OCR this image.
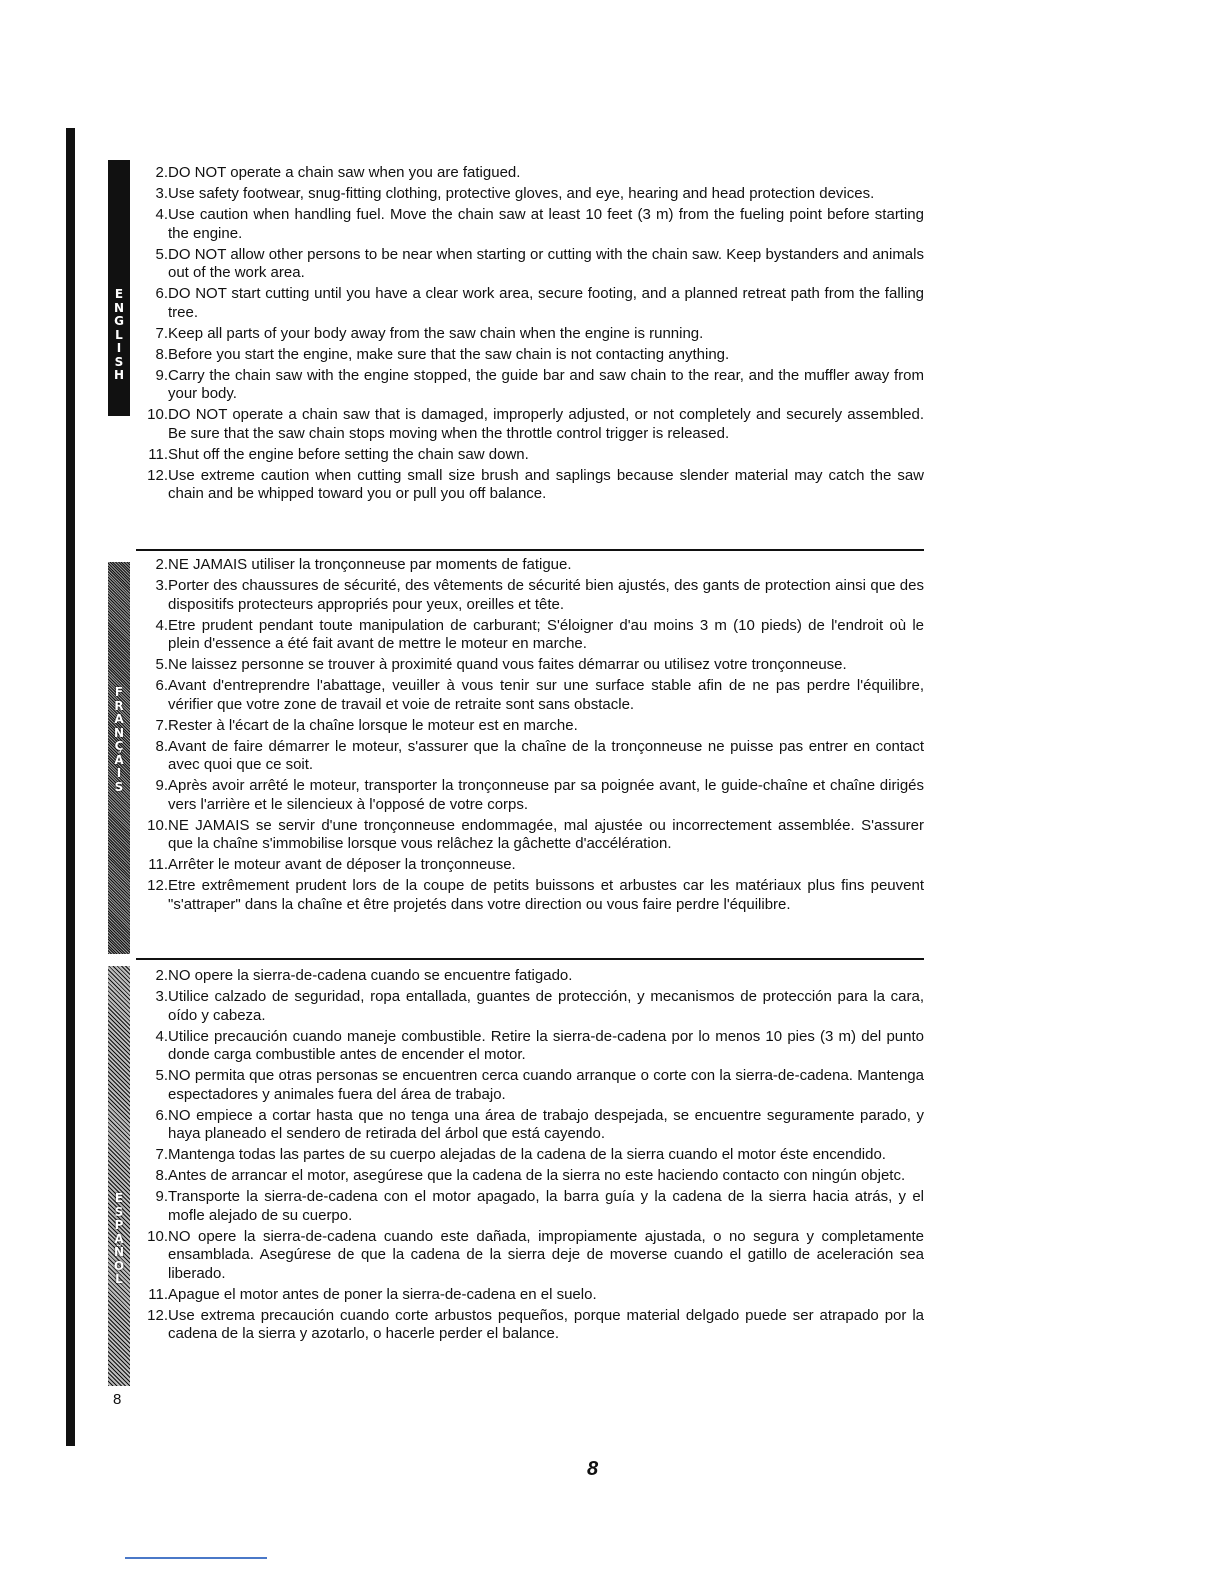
E
N
G
L
I
S
H
F
R
A
N
Ç
A
I
S
E
S
P
A
Ñ
O
L
2. DO NOT operate a chain saw when you are fatigued.
3. Use safety footwear, snug-fitting clothing, protective gloves, and eye, hearing and head protection devices.
4. Use caution when handling fuel. Move the chain saw at least 10 feet (3 m) from the fueling point before starting the engine.
5. DO NOT allow other persons to be near when starting or cutting with the chain saw. Keep bystanders and animals out of the work area.
6. DO NOT start cutting until you have a clear work area, secure footing, and a planned retreat path from the falling tree.
7. Keep all parts of your body away from the saw chain when the engine is running.
8. Before you start the engine, make sure that the saw chain is not contacting anything.
9. Carry the chain saw with the engine stopped, the guide bar and saw chain to the rear, and the muffler away from your body.
10. DO NOT operate a chain saw that is damaged, improperly adjusted, or not completely and securely assembled. Be sure that the saw chain stops moving when the throttle control trigger is released.
11. Shut off the engine before setting the chain saw down.
12. Use extreme caution when cutting small size brush and saplings because slender material may catch the saw chain and be whipped toward you or pull you off balance.
2. NE JAMAIS utiliser la tronçonneuse par moments de fatigue.
3. Porter des chaussures de sécurité, des vêtements de sécurité bien ajustés, des gants de protection ainsi que des dispositifs protecteurs appropriés pour yeux, oreilles et tête.
4. Etre prudent pendant toute manipulation de carburant; S'éloigner d'au moins 3 m (10 pieds) de l'endroit où le plein d'essence a été fait avant de mettre le moteur en marche.
5. Ne laissez personne se trouver à proximité quand vous faites démarrar ou utilisez votre tronçonneuse.
6. Avant d'entreprendre l'abattage, veuiller à vous tenir sur une surface stable afin de ne pas perdre l'équilibre, vérifier que votre zone de travail et voie de retraite sont sans obstacle.
7. Rester à l'écart de la chaîne lorsque le moteur est en marche.
8. Avant de faire démarrer le moteur, s'assurer que la chaîne de la tronçonneuse ne puisse pas entrer en contact avec quoi que ce soit.
9. Après avoir arrêté le moteur, transporter la tronçonneuse par sa poignée avant, le guide-chaîne et chaîne dirigés vers l'arrière et le silencieux à l'opposé de votre corps.
10. NE JAMAIS se servir d'une tronçonneuse endommagée, mal ajustée ou incorrectement assemblée. S'assurer que la chaîne s'immobilise lorsque vous relâchez la gâchette d'accélération.
11. Arrêter le moteur avant de déposer la tronçonneuse.
12. Etre extrêmement prudent lors de la coupe de petits buissons et arbustes car les matériaux plus fins peuvent "s'attraper" dans la chaîne et être projetés dans votre direction ou vous faire perdre l'équilibre.
2. NO opere la sierra-de-cadena cuando se encuentre fatigado.
3. Utilice calzado de seguridad, ropa entallada, guantes de protección, y mecanismos de protección para la cara, oído y cabeza.
4. Utilice precaución cuando maneje combustible. Retire la sierra-de-cadena por lo menos 10 pies (3 m) del punto donde carga combustible antes de encender el motor.
5. NO permita que otras personas se encuentren cerca cuando arranque o corte con la sierra-de-cadena. Mantenga espectadores y animales fuera del área de trabajo.
6. NO empiece a cortar hasta que no tenga una área de trabajo despejada, se encuentre seguramente parado, y haya planeado el sendero de retirada del árbol que está cayendo.
7. Mantenga todas las partes de su cuerpo alejadas de la cadena de la sierra cuando el motor éste encendido.
8. Antes de arrancar el motor, asegúrese que la cadena de la sierra no este haciendo contacto con ningún objetc.
9. Transporte la sierra-de-cadena con el motor apagado, la barra guía y la cadena de la sierra hacia atrás, y el mofle alejado de su cuerpo.
10. NO opere la sierra-de-cadena cuando este dañada, impropiamente ajustada, o no segura y completamente ensamblada. Asegúrese de que la cadena de la sierra deje de moverse cuando el gatillo de aceleración sea liberado.
11. Apague el motor antes de poner la sierra-de-cadena en el suelo.
12. Use extrema precaución cuando corte arbustos pequeños, porque material delgado puede ser atrapado por la cadena de la sierra y azotarlo, o hacerle perder el balance.
8
8
